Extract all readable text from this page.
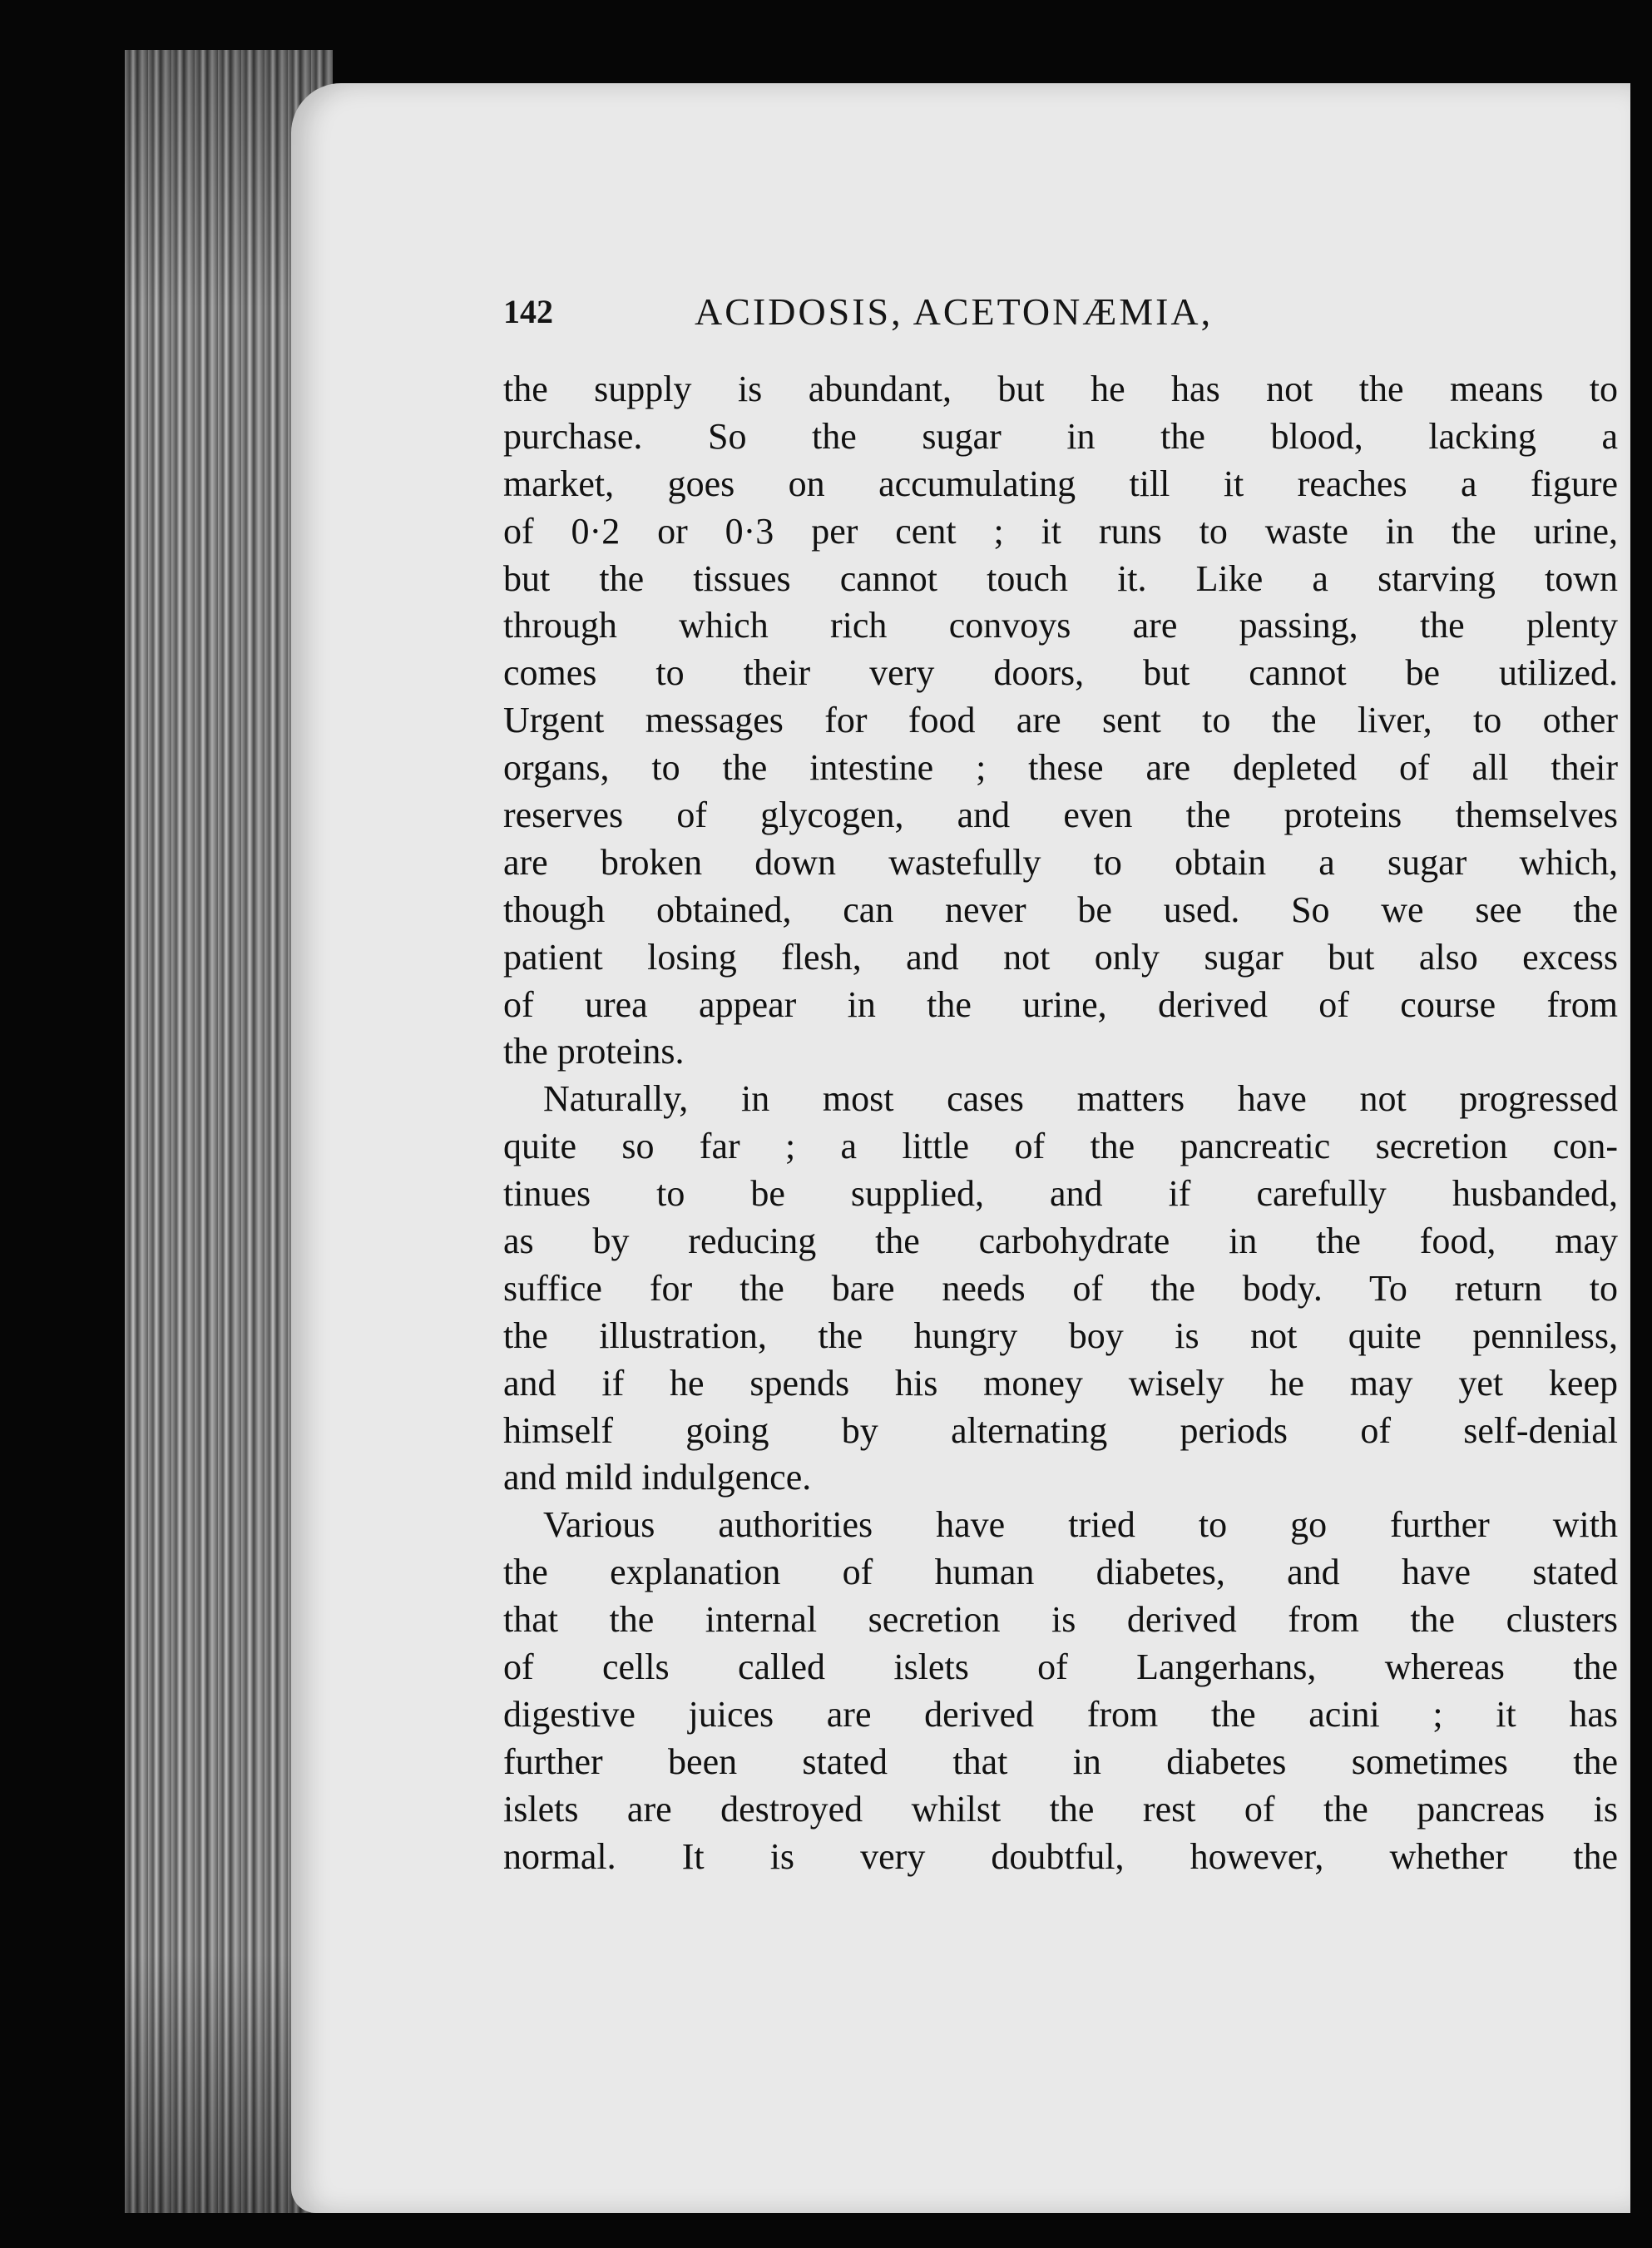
142	ACIDOSIS, ACETONÆMIA,
the supply is abundant, but he has not the means to
purchase. So the sugar in the blood, lacking a
market, goes on accumulating till it reaches a figure
of 0·2 or 0·3 per cent ; it runs to waste in the urine,
but the tissues cannot touch it. Like a starving town
through which rich convoys are passing, the plenty
comes to their very doors, but cannot be utilized.
Urgent messages for food are sent to the liver, to other
organs, to the intestine ; these are depleted of all their
reserves of glycogen, and even the proteins themselves
are broken down wastefully to obtain a sugar which,
though obtained, can never be used. So we see the
patient losing flesh, and not only sugar but also excess
of urea appear in the urine, derived of course from
the proteins.
Naturally, in most cases matters have not progressed
quite so far ; a little of the pancreatic secretion con-
tinues to be supplied, and if carefully husbanded,
as by reducing the carbohydrate in the food, may
suffice for the bare needs of the body. To return to
the illustration, the hungry boy is not quite penniless,
and if he spends his money wisely he may yet keep
himself going by alternating periods of self-denial
and mild indulgence.
Various authorities have tried to go further with
the explanation of human diabetes, and have stated
that the internal secretion is derived from the clusters
of cells called islets of Langerhans, whereas the
digestive juices are derived from the acini ; it has
further been stated that in diabetes sometimes the
islets are destroyed whilst the rest of the pancreas is
normal. It is very doubtful, however, whether the
